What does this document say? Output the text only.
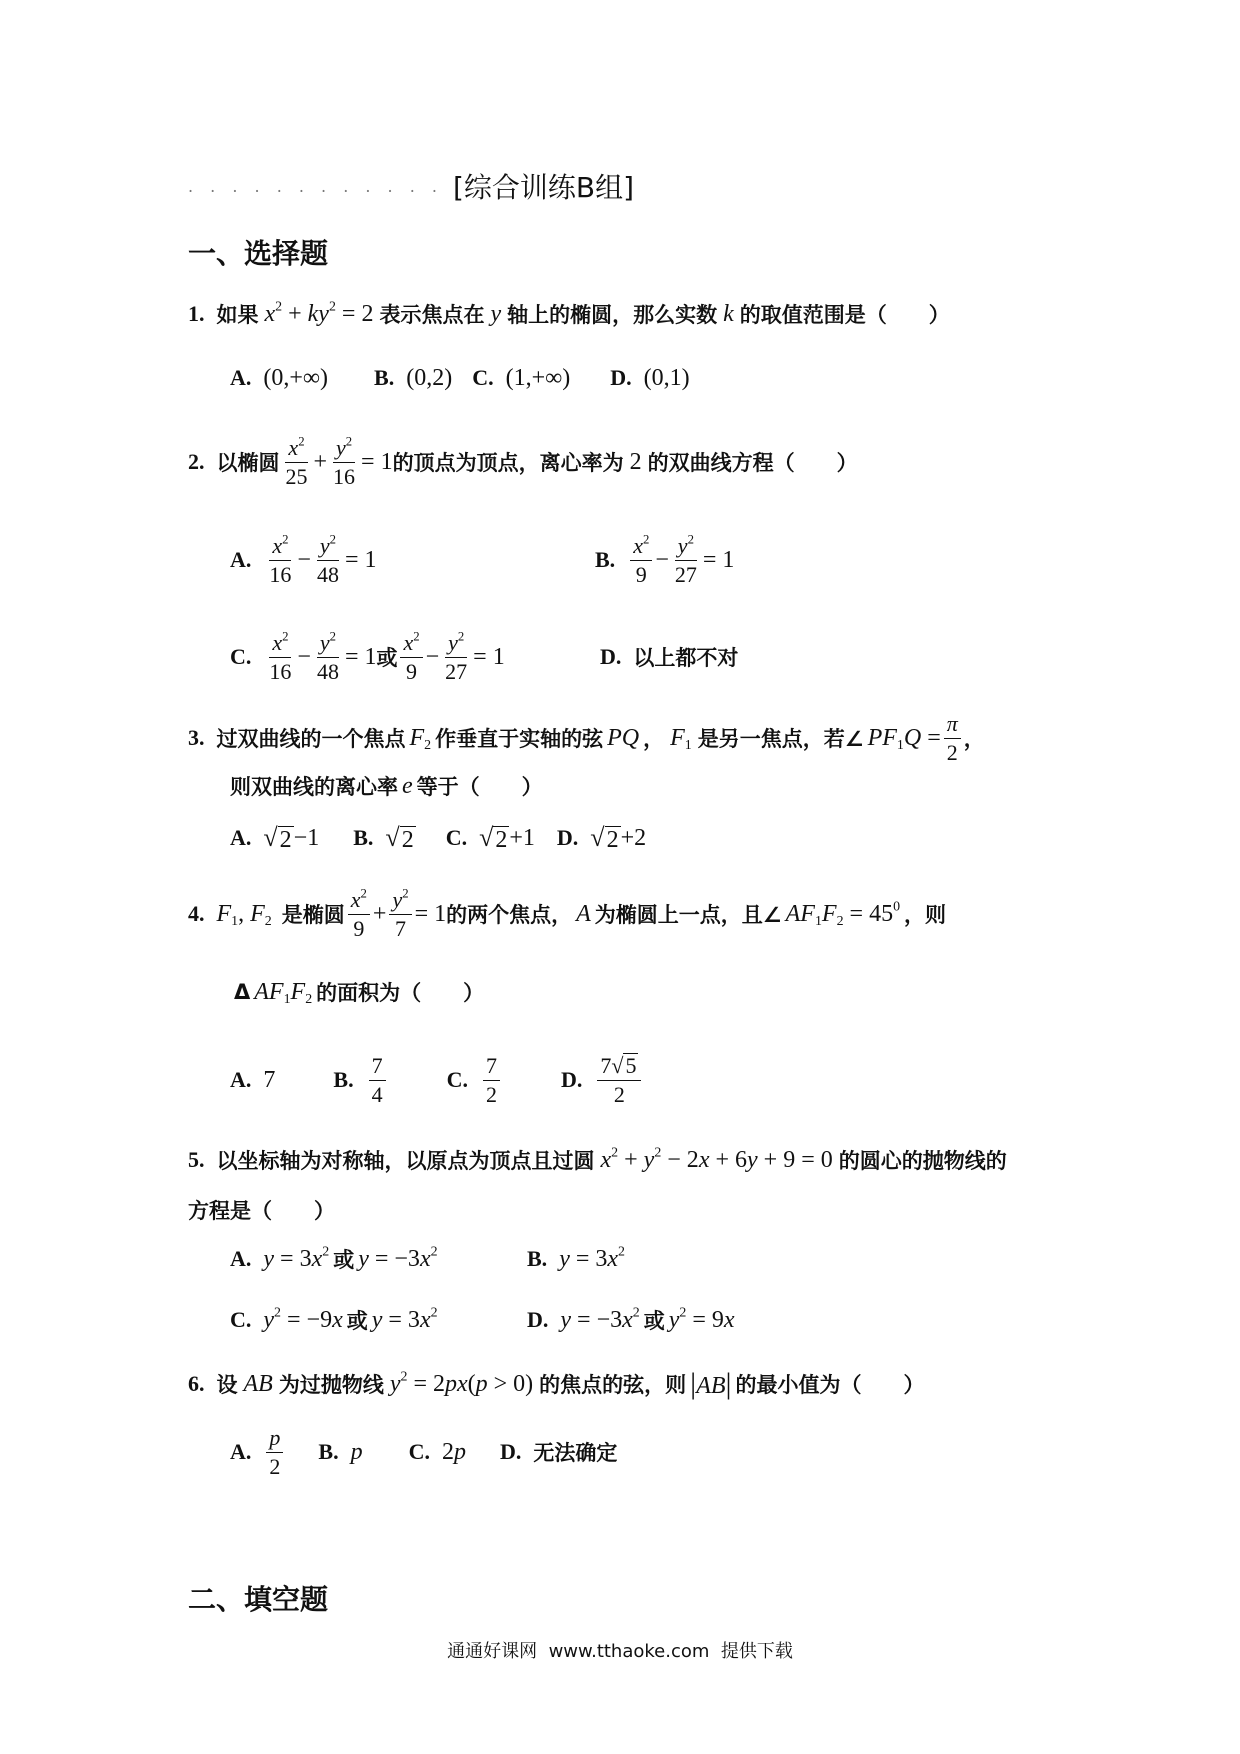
. . . . . . . . . . . . [综合训练B组]
一、选择题
1. 如果 $x^2 + ky^2 = 2$ 表示焦点在 y 轴上的椭圆，那么实数 k 的取值范围是（　　）
A. (0,+∞) B. (0,2) C. (1,+∞) D. (0,1)
2. 以椭圆 $\frac{x^2}{25} + \frac{y^2}{16} = 1$ 的顶点为顶点，离心率为 2 的双曲线方程（　　）
A. $\frac{x^2}{16} - \frac{y^2}{48} = 1$	B. $\frac{x^2}{9} - \frac{y^2}{27} = 1$
C. $\frac{x^2}{16} - \frac{y^2}{48} = 1$ 或 $\frac{x^2}{9} - \frac{y^2}{27} = 1$	D. 以上都不对
3. 过双曲线的一个焦点 $F_2$ 作垂直于实轴的弦 PQ ， $F_1$ 是另一焦点，若∠ $PF_1Q = \frac{\pi}{2}$ ，
则双曲线的离心率 e 等于（　　）
A. √ 2 −1 B. √ 2 C. √ 2 +1 D. √ 2 +2
4. $F_1$, $F_2$ 是椭圆 $\frac{x^2}{9} + \frac{y^2}{7} = 1$ 的两个焦点， A 为椭圆上一点，且∠ $AF_1F_2 = 45^0$ ，则
Δ $AF_1F_2$ 的面积为（　　）
A. 7	B. $\frac{7}{4}$	C. $\frac{7}{2}$	D. $\frac{7 √ 5}{2}$
5. 以坐标轴为对称轴，以原点为顶点且过圆 $x^2 + y^2 - 2x + 6y + 9 = 0$ 的圆心的抛物线的
方程是（　　）
A. $y = 3x^2$ 或 $y = -3x^2$	B. $y = 3x^2$
C. $y^2 = -9x$ 或 $y = 3x^2$	D. $y = -3x^2$ 或 $y^2 = 9x$
6. 设 AB 为过抛物线 $y^2 = 2px(p > 0)$ 的焦点的弦，则 |AB| 的最小值为（　　）
A. $\frac{p}{2} B$. p C. 2p D. 无法确定
二、填空题
通通好课网  www.tthaoke.com  提供下载
